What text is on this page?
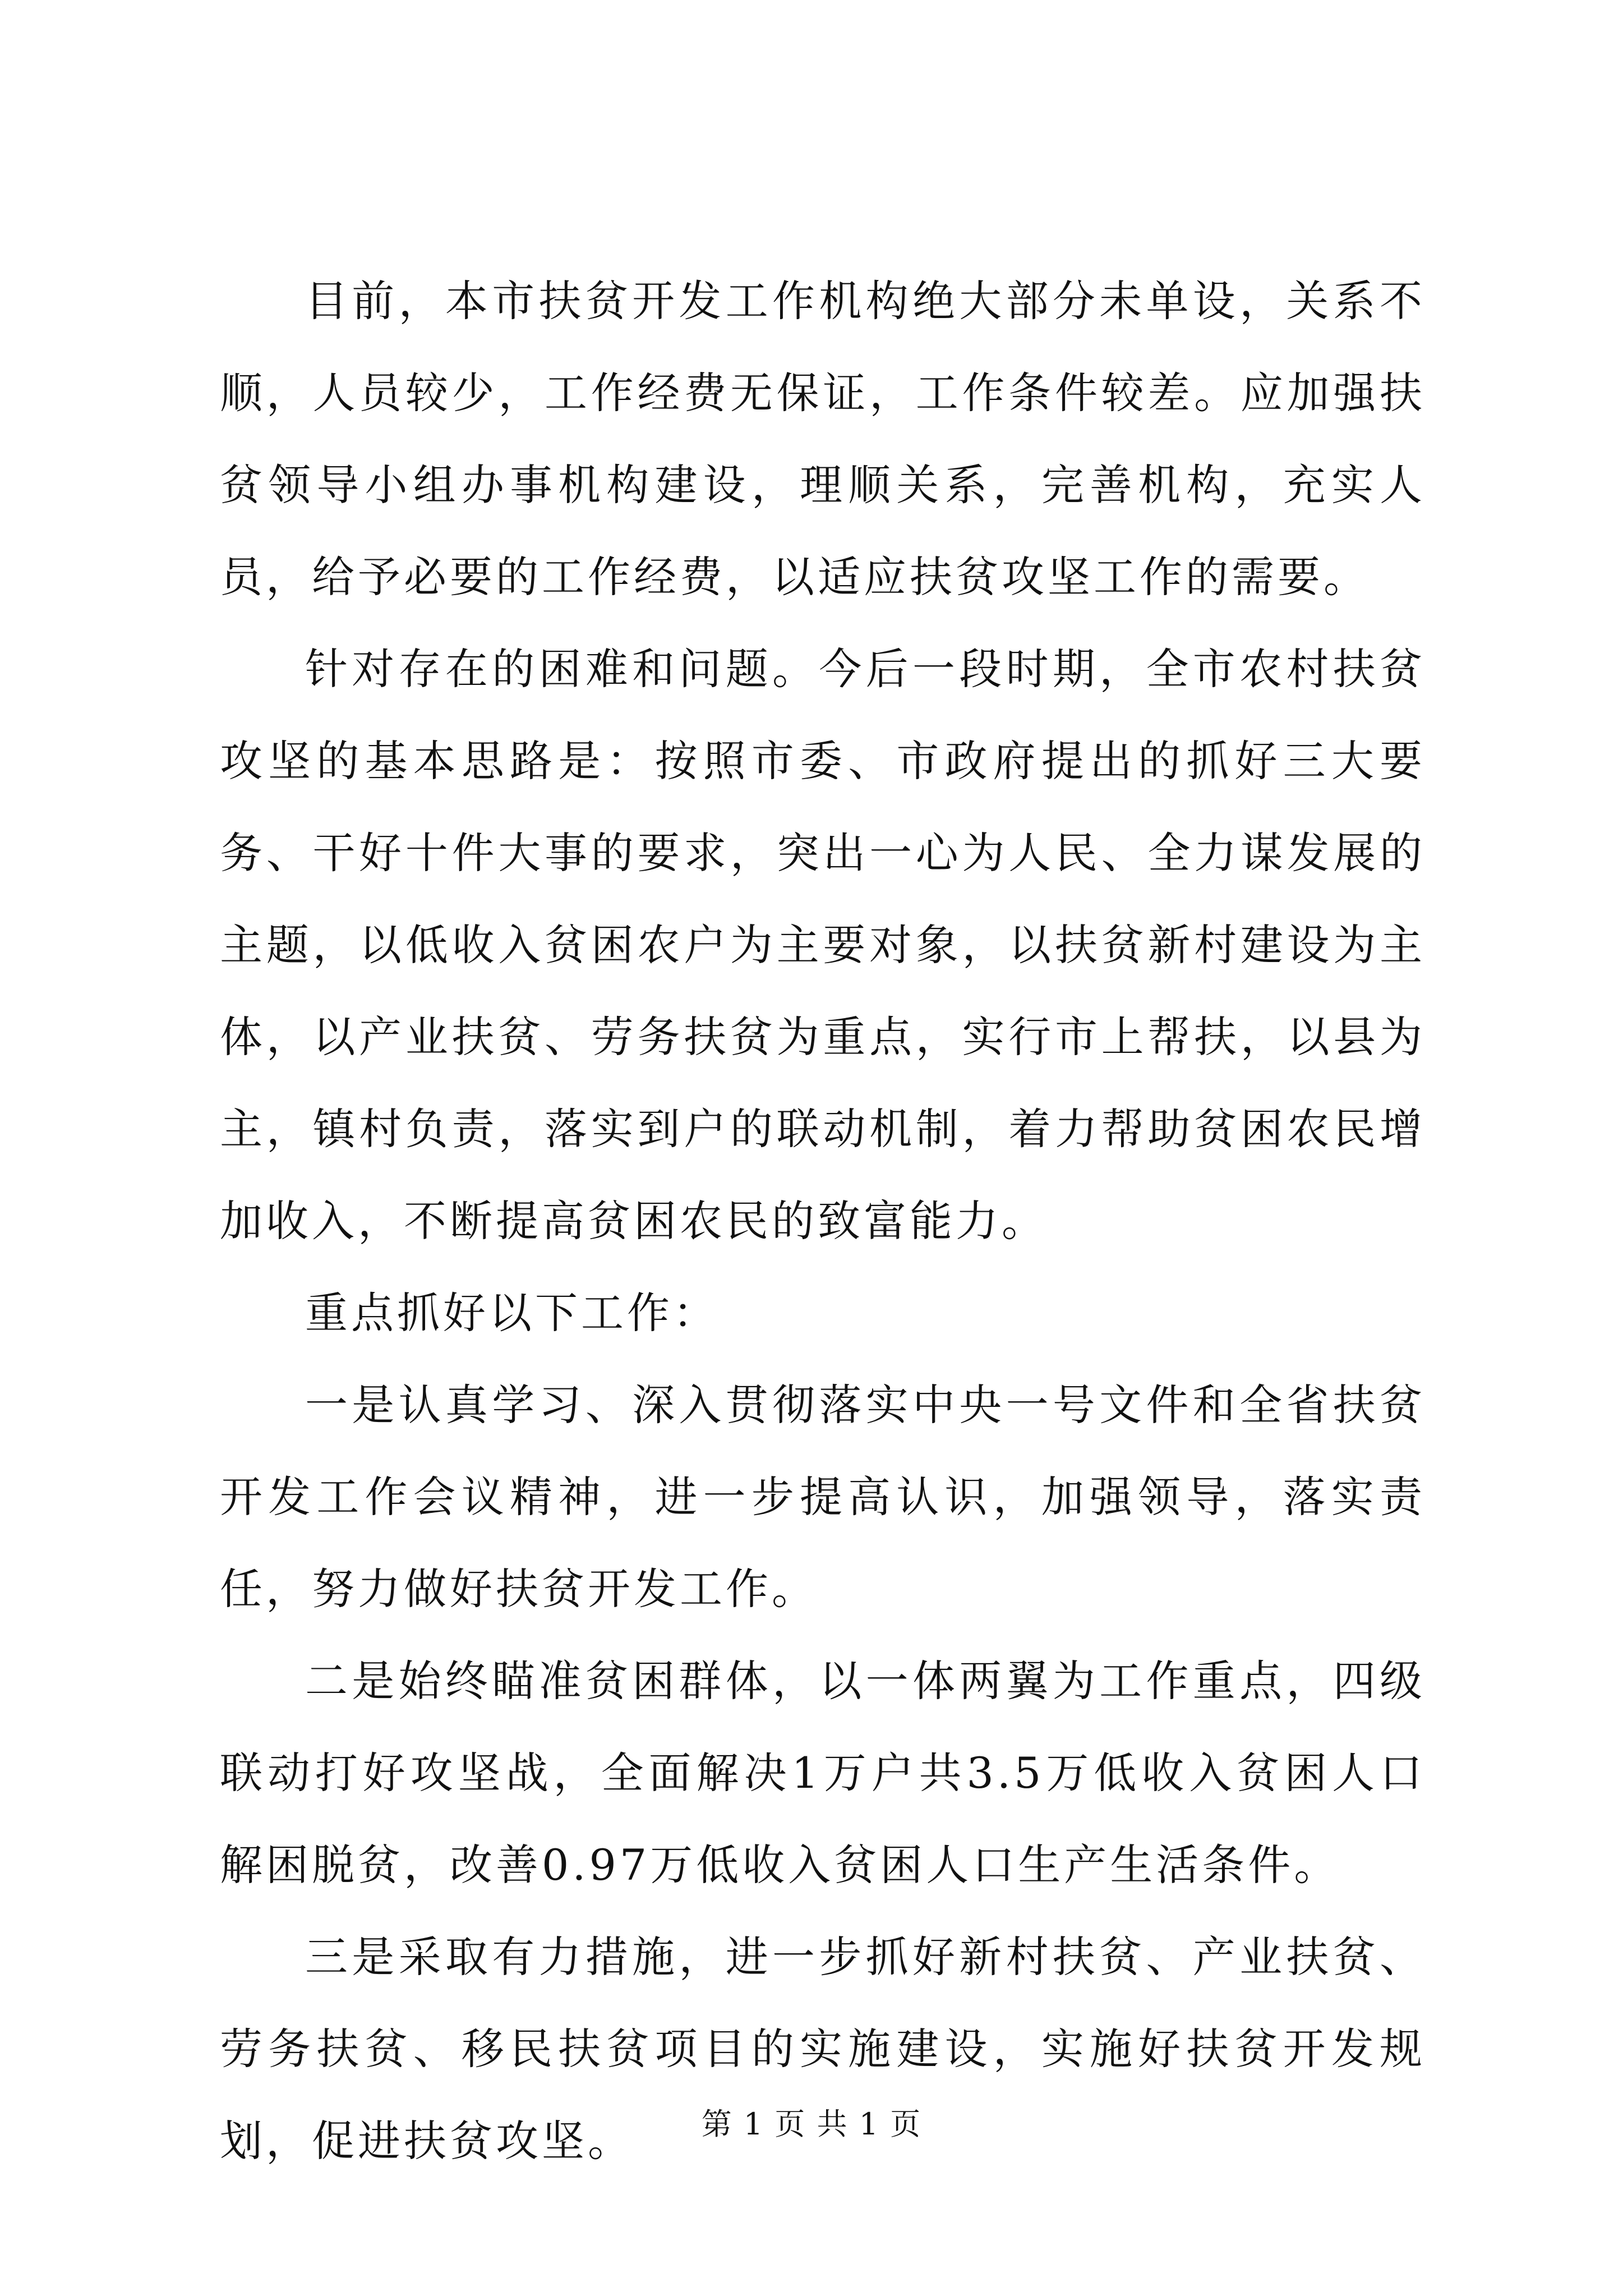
目前，本市扶贫开发工作机构绝大部分未单设，关系不顺，人员较少，工作经费无保证，工作条件较差。应加强扶贫领导小组办事机构建设，理顺关系，完善机构，充实人员，给予必要的工作经费，以适应扶贫攻坚工作的需要。

针对存在的困难和问题。今后一段时期，全市农村扶贫攻坚的基本思路是：按照市委、市政府提出的抓好三大要务、干好十件大事的要求，突出一心为人民、全力谋发展的主题，以低收入贫困农户为主要对象，以扶贫新村建设为主体，以产业扶贫、劳务扶贫为重点，实行市上帮扶，以县为主，镇村负责，落实到户的联动机制，着力帮助贫困农民增加收入，不断提高贫困农民的致富能力。

重点抓好以下工作：

一是认真学习、深入贯彻落实中央一号文件和全省扶贫开发工作会议精神，进一步提高认识，加强领导，落实责任，努力做好扶贫开发工作。

二是始终瞄准贫困群体，以一体两翼为工作重点，四级联动打好攻坚战，全面解决1万户共3.5万低收入贫困人口解困脱贫，改善0.97万低收入贫困人口生产生活条件。

三是采取有力措施，进一步抓好新村扶贫、产业扶贫、劳务扶贫、移民扶贫项目的实施建设，实施好扶贫开发规划，促进扶贫攻坚。	第 1 页 共 1 页
